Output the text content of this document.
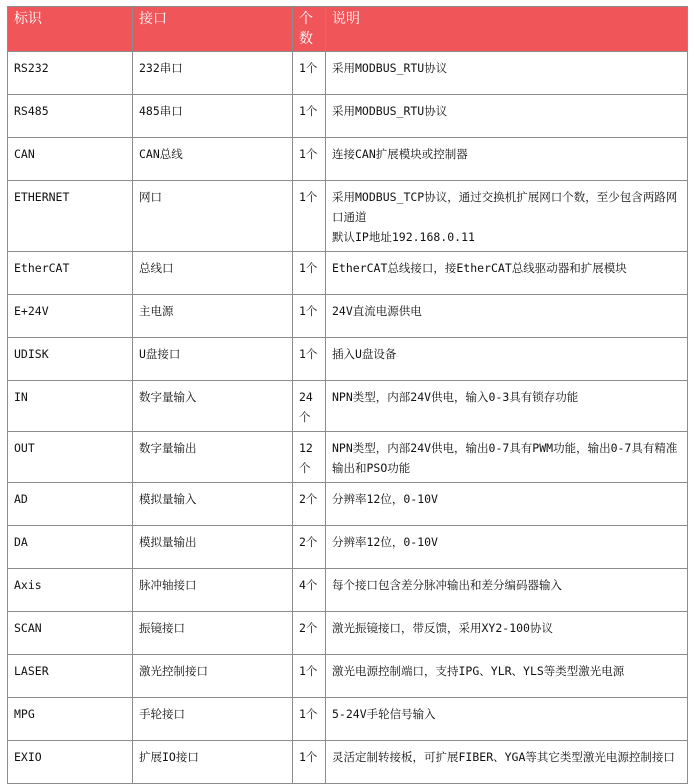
标识	接口	个数	说明
RS232	232串口	1个	采用MODBUS_RTU协议

RS485	485串口	1个	采用MODBUS_RTU协议

CAN	CAN总线	1个	连接CAN扩展模块或控制器

ETHERNET	网口	1个	采用MODBUS_TCP协议，通过交换机扩展网口个数，至少包含两路网口通道
默认IP地址192.168.0.11

EtherCAT	总线口	1个	EtherCAT总线接口，接EtherCAT总线驱动器和扩展模块

E+24V	主电源	1个	24V直流电源供电

UDISK	U盘接口	1个	插入U盘设备

IN	数字量输入	24个	NPN类型，内部24V供电，输入0-3具有锁存功能

OUT	数字量输出	12个	NPN类型，内部24V供电，输出0-7具有PWM功能，输出0-7具有精准输出和PSO功能

AD	模拟量输入	2个	分辨率12位，0-10V

DA	模拟量输出	2个	分辨率12位，0-10V

Axis	脉冲轴接口	4个	每个接口包含差分脉冲输出和差分编码器输入

SCAN	振镜接口	2个	激光振镜接口，带反馈，采用XY2-100协议

LASER	激光控制接口	1个	激光电源控制端口，支持IPG、YLR、YLS等类型激光电源

MPG	手轮接口	1个	5-24V手轮信号输入

EXIO	扩展IO接口	1个	灵活定制转接板，可扩展FIBER、YGA等其它类型激光电源控制接口
